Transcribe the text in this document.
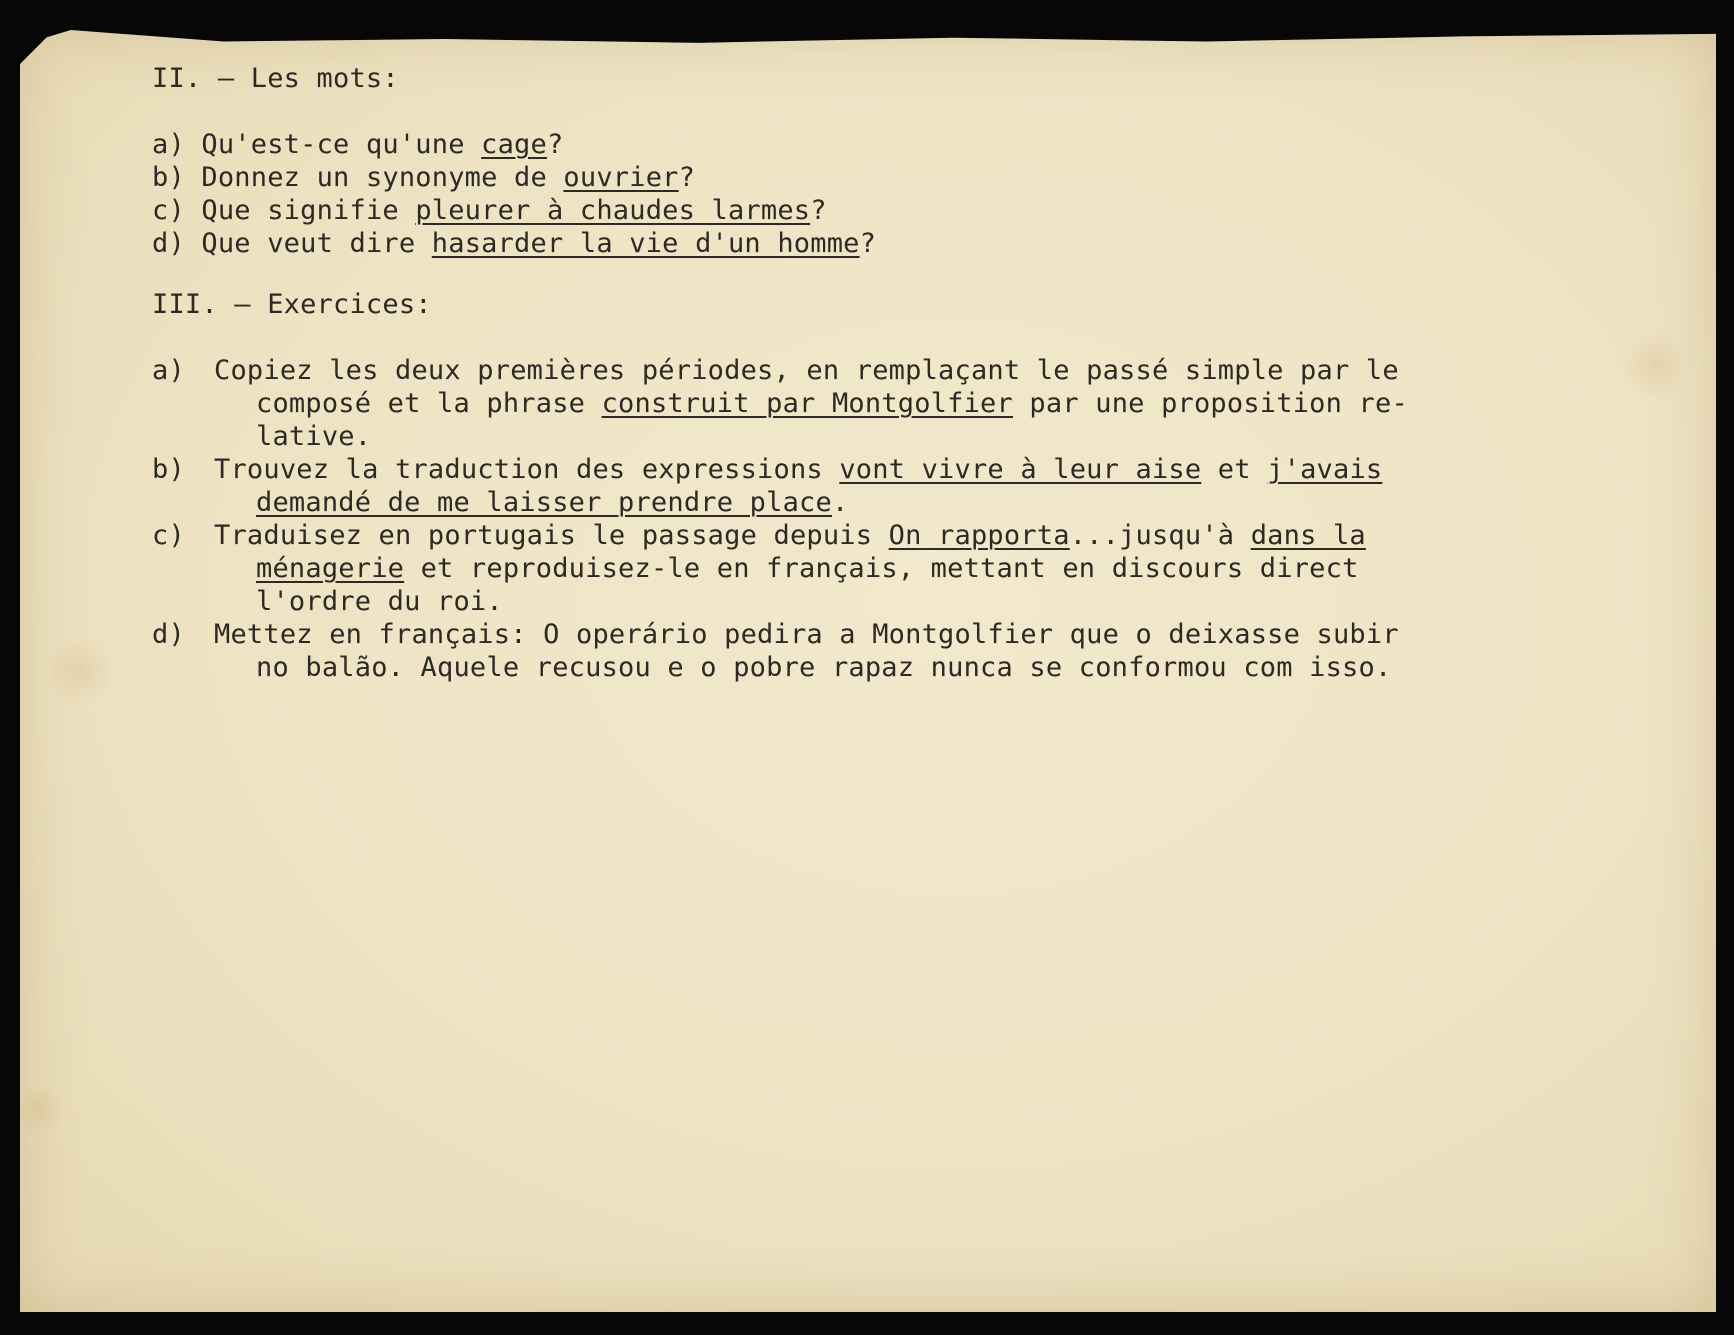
II. — Les mots:
a) Qu'est-ce qu'une cage?
b) Donnez un synonyme de ouvrier?
c) Que signifie pleurer à chaudes larmes?
d) Que veut dire hasarder la vie d'un homme?
III. — Exercices:
a) Copiez les deux premières périodes, en remplaçant le passé simple par le
composé et la phrase construit par Montgolfier par une proposition re-
lative.
b) Trouvez la traduction des expressions vont vivre à leur aise et j'avais
demandé de me laisser prendre place.
c) Traduisez en portugais le passage depuis On rapporta...jusqu'à dans la
ménagerie et reproduisez-le en français, mettant en discours direct
l'ordre du roi.
d) Mettez en français: O operário pedira a Montgolfier que o deixasse subir
no balão. Aquele recusou e o pobre rapaz nunca se conformou com isso.
